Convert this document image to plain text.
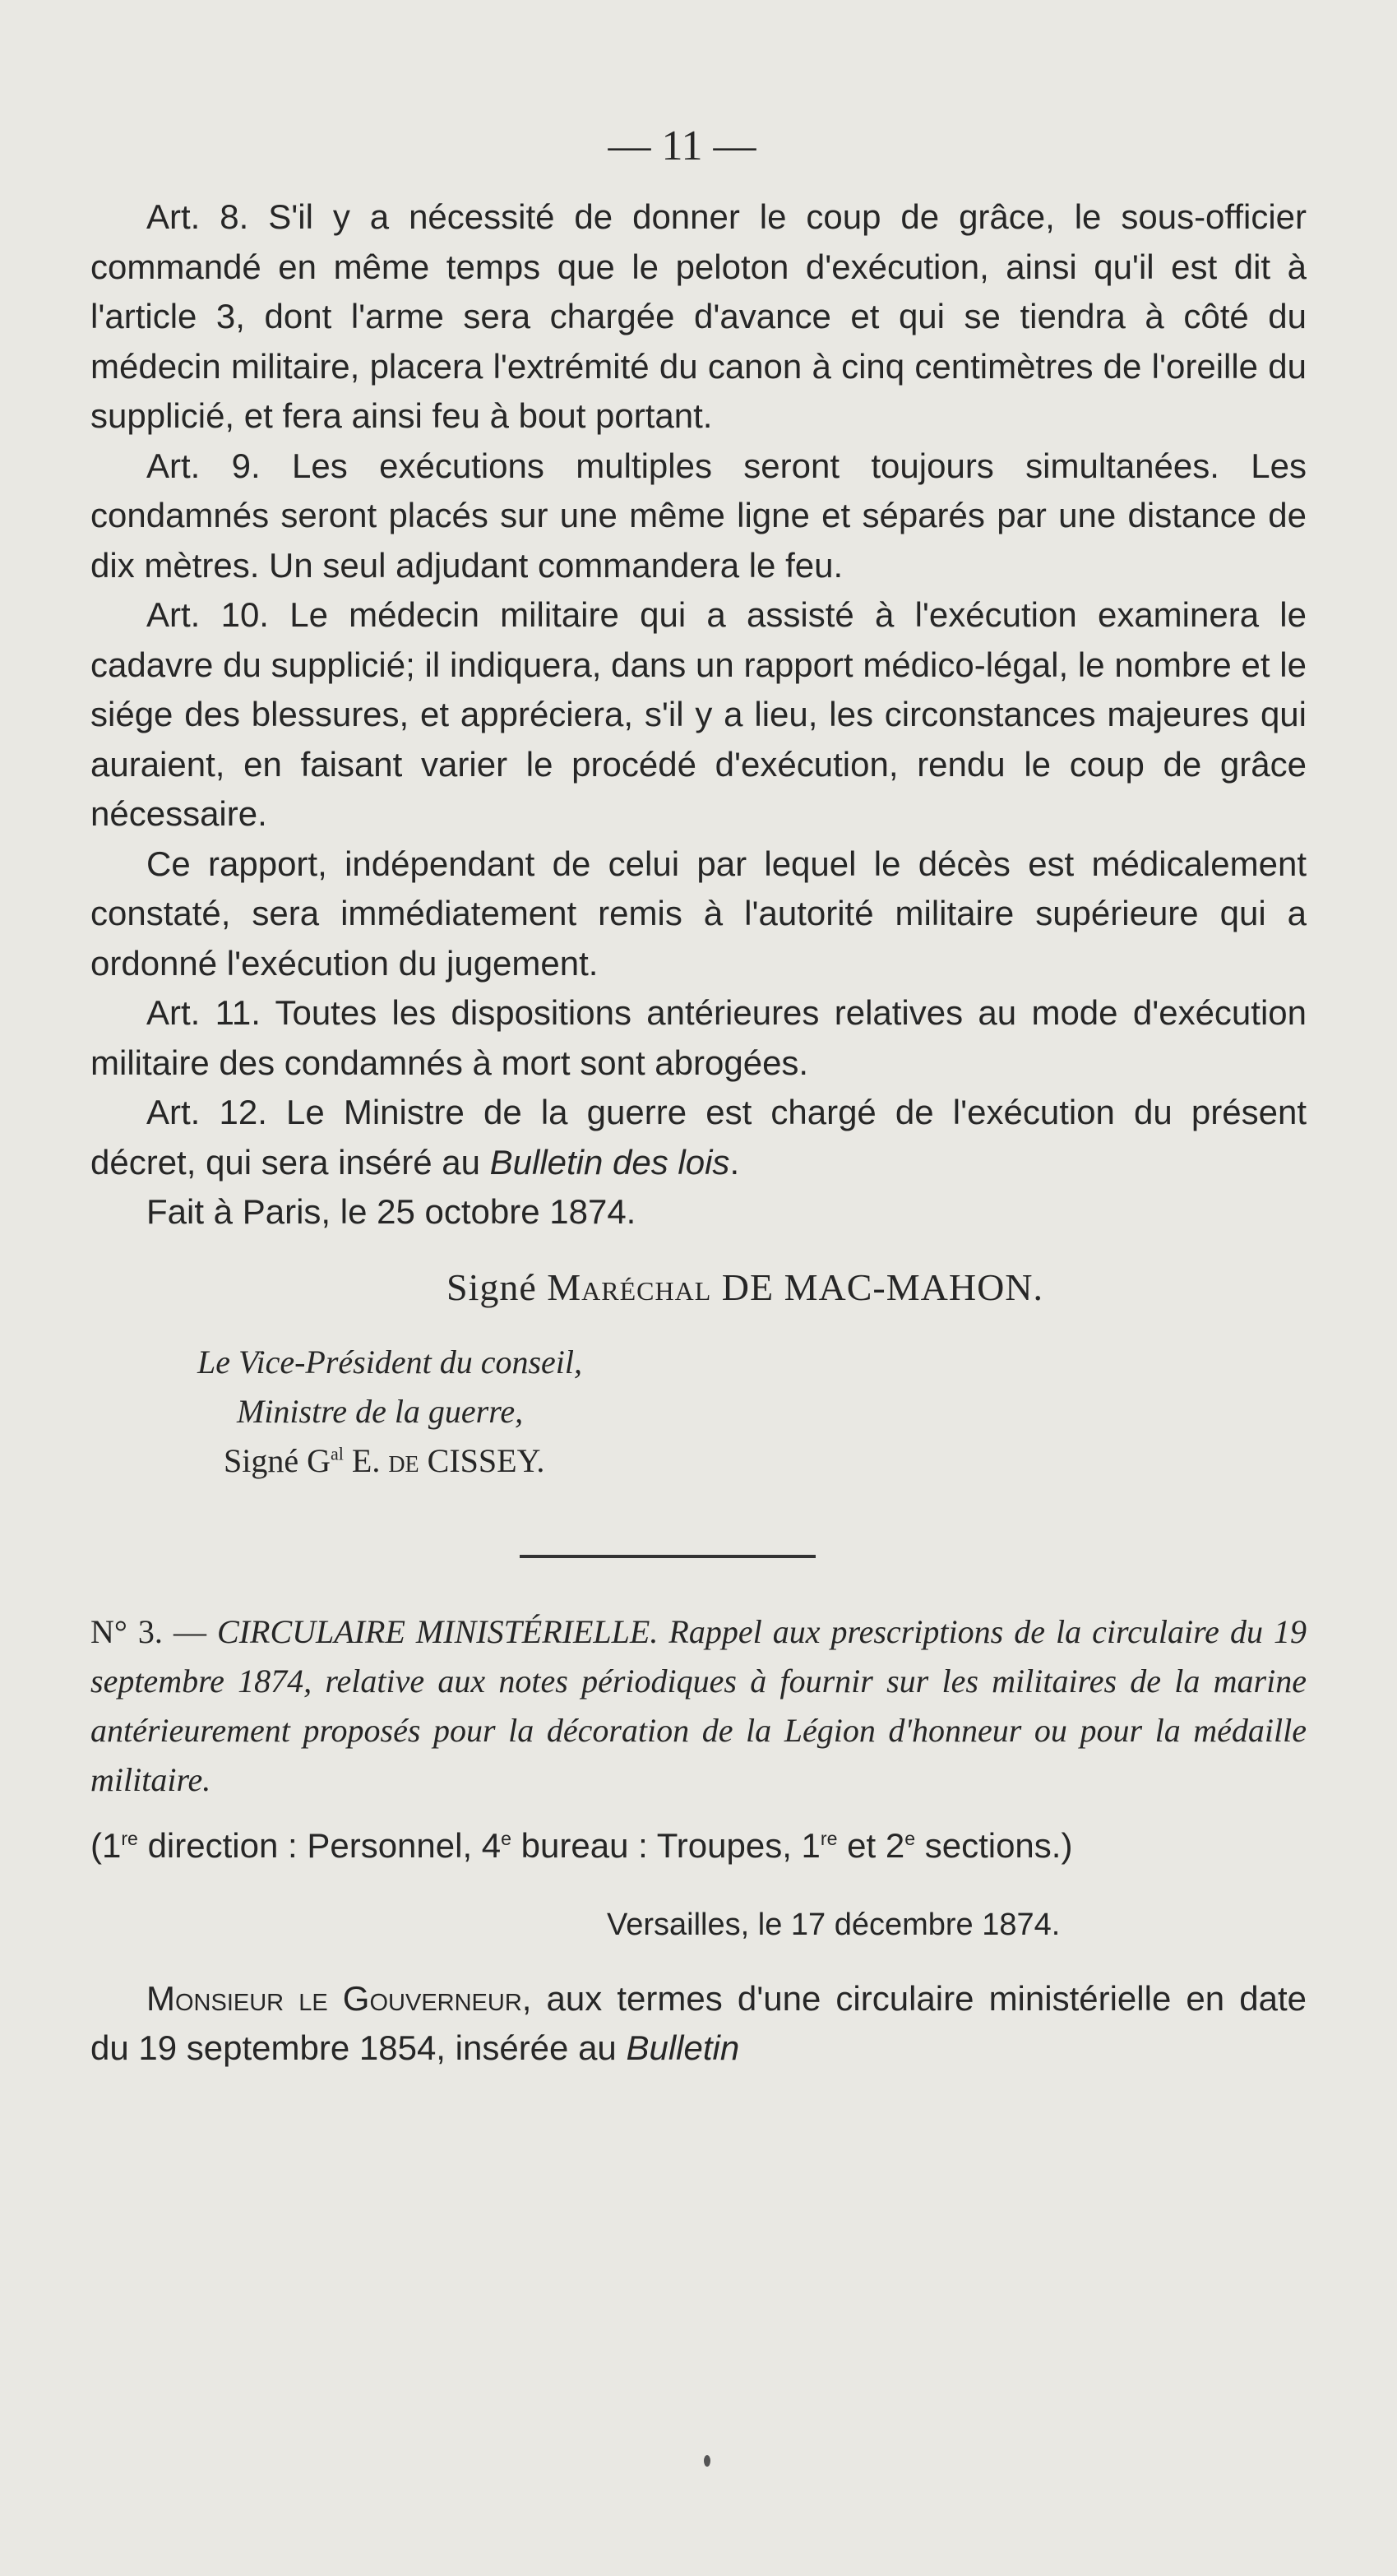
— 11 —

Art. 8. S'il y a nécessité de donner le coup de grâce, le sous-officier commandé en même temps que le peloton d'exécution, ainsi qu'il est dit à l'article 3, dont l'arme sera chargée d'avance et qui se tiendra à côté du médecin militaire, placera l'extrémité du canon à cinq centimètres de l'oreille du supplicié, et fera ainsi feu à bout portant.

Art. 9. Les exécutions multiples seront toujours simultanées. Les condamnés seront placés sur une même ligne et séparés par une distance de dix mètres. Un seul adjudant commandera le feu.

Art. 10. Le médecin militaire qui a assisté à l'exécution examinera le cadavre du supplicié; il indiquera, dans un rapport médico-légal, le nombre et le siége des blessures, et appréciera, s'il y a lieu, les circonstances majeures qui auraient, en faisant varier le procédé d'exécution, rendu le coup de grâce nécessaire.

Ce rapport, indépendant de celui par lequel le décès est médicalement constaté, sera immédiatement remis à l'autorité militaire supérieure qui a ordonné l'exécution du jugement.

Art. 11. Toutes les dispositions antérieures relatives au mode d'exécution militaire des condamnés à mort sont abrogées.

Art. 12. Le Ministre de la guerre est chargé de l'exécution du présent décret, qui sera inséré au Bulletin des lois.

Fait à Paris, le 25 octobre 1874.

Signé Maréchal DE MAC-MAHON.
Le Vice-Président du conseil,
Ministre de la guerre,
Signé $G^{al}$ E. de CISSEY.

N° 3. — CIRCULAIRE MINISTÉRIELLE. Rappel aux prescriptions de la circulaire du 19 septembre 1874, relative aux notes périodiques à fournir sur les militaires de la marine antérieurement proposés pour la décoration de la Légion d'honneur ou pour la médaille militaire.

(1re direction : Personnel, 4e bureau : Troupes, 1re et 2e sections.)

Versailles, le 17 décembre 1874.

Monsieur le Gouverneur, aux termes d'une circulaire ministérielle en date du 19 septembre 1854, insérée au Bulletin
